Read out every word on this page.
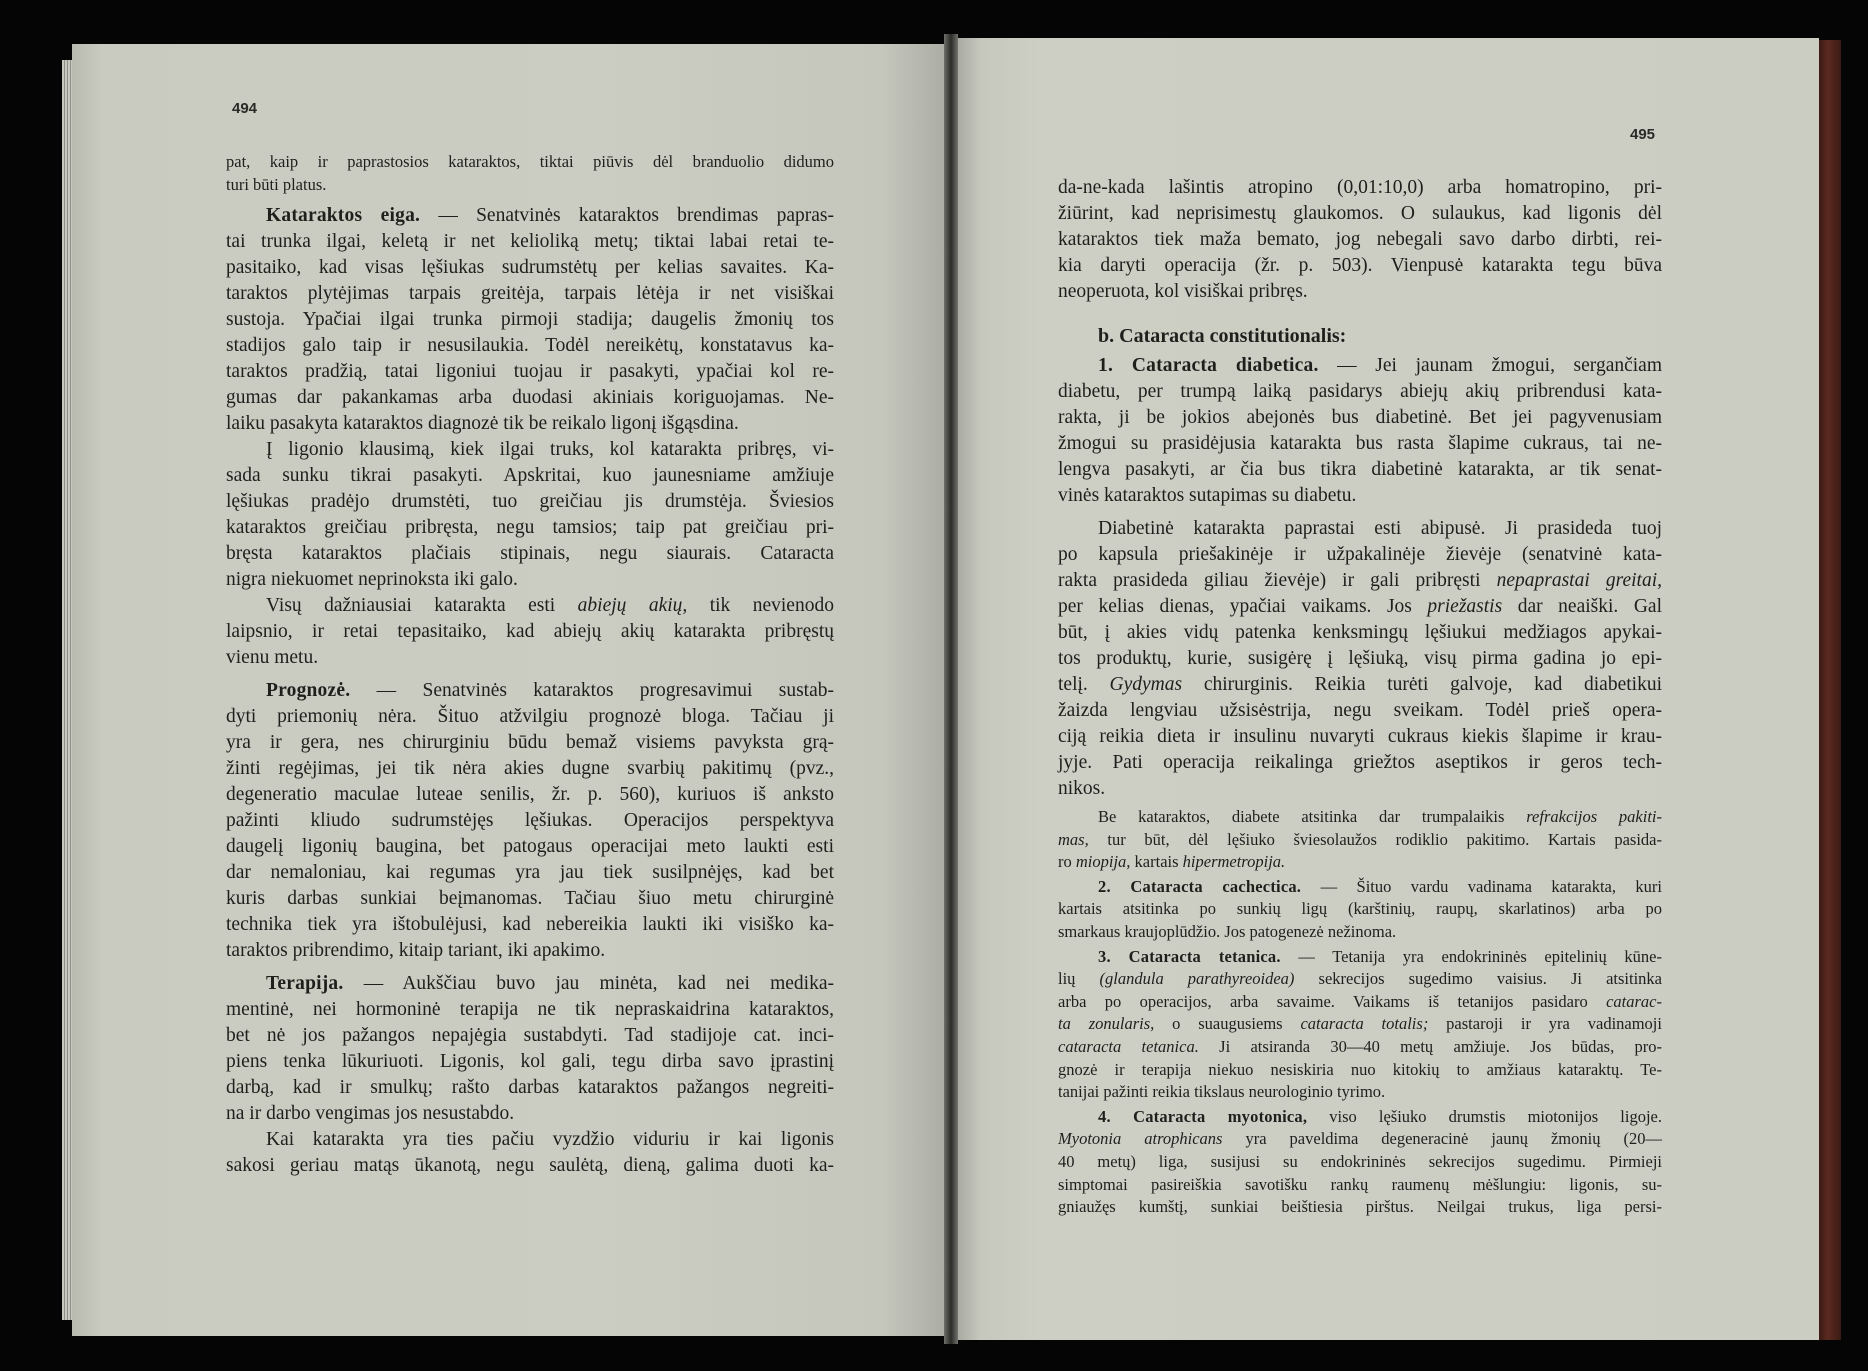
494
495
pat, kaip ir paprastosios kataraktos, tiktai piūvis dėl branduolio didumo
turi būti platus.
Kataraktos eiga. — Senatvinės kataraktos brendimas papras-
tai trunka ilgai, keletą ir net kelioliką metų; tiktai labai retai te-
pasitaiko, kad visas lęšiukas sudrumstėtų per kelias savaites. Ka-
taraktos plytėjimas tarpais greitėja, tarpais lėtėja ir net visiškai
sustoja. Ypačiai ilgai trunka pirmoji stadija; daugelis žmonių tos
stadijos galo taip ir nesusilaukia. Todėl nereikėtų, konstatavus ka-
taraktos pradžią, tatai ligoniui tuojau ir pasakyti, ypačiai kol re-
gumas dar pakankamas arba duodasi akiniais koriguojamas. Ne-
laiku pasakyta kataraktos diagnozė tik be reikalo ligonį išgąsdina.
Į ligonio klausimą, kiek ilgai truks, kol katarakta pribręs, vi-
sada sunku tikrai pasakyti. Apskritai, kuo jaunesniame amžiuje
lęšiukas pradėjo drumstėti, tuo greičiau jis drumstėja. Šviesios
kataraktos greičiau pribręsta, negu tamsios; taip pat greičiau pri-
bręsta kataraktos plačiais stipinais, negu siaurais. Cataracta
nigra niekuomet neprinoksta iki galo.
Visų dažniausiai katarakta esti abiejų akių, tik nevienodo
laipsnio, ir retai tepasitaiko, kad abiejų akių katarakta pribręstų
vienu metu.
Prognozė. — Senatvinės kataraktos progresavimui sustab-
dyti priemonių nėra. Šituo atžvilgiu prognozė bloga. Tačiau ji
yra ir gera, nes chirurginiu būdu bemaž visiems pavyksta grą-
žinti regėjimas, jei tik nėra akies dugne svarbių pakitimų (pvz.,
degeneratio maculae luteae senilis, žr. p. 560), kuriuos iš anksto
pažinti kliudo sudrumstėjęs lęšiukas. Operacijos perspektyva
daugelį ligonių baugina, bet patogaus operacijai meto laukti esti
dar nemaloniau, kai regumas yra jau tiek susilpnėjęs, kad bet
kuris darbas sunkiai beįmanomas. Tačiau šiuo metu chirurginė
technika tiek yra ištobulėjusi, kad nebereikia laukti iki visiško ka-
taraktos pribrendimo, kitaip tariant, iki apakimo.
Terapija. — Aukščiau buvo jau minėta, kad nei medika-
mentinė, nei hormoninė terapija ne tik nepraskaidrina kataraktos,
bet nė jos pažangos nepajėgia sustabdyti. Tad stadijoje cat. inci-
piens tenka lūkuriuoti. Ligonis, kol gali, tegu dirba savo įprastinį
darbą, kad ir smulkų; rašto darbas kataraktos pažangos negreiti-
na ir darbo vengimas jos nesustabdo.
Kai katarakta yra ties pačiu vyzdžio viduriu ir kai ligonis
sakosi geriau matąs ūkanotą, negu saulėtą, dieną, galima duoti ka-
da-ne-kada lašintis atropino (0,01:10,0) arba homatropino, pri-
žiūrint, kad neprisimestų glaukomos. O sulaukus, kad ligonis dėl
kataraktos tiek maža bemato, jog nebegali savo darbo dirbti, rei-
kia daryti operacija (žr. p. 503). Vienpusė katarakta tegu būva
neoperuota, kol visiškai pribręs.
b. Cataracta constitutionalis:
1. Cataracta diabetica. — Jei jaunam žmogui, sergančiam
diabetu, per trumpą laiką pasidarys abiejų akių pribrendusi kata-
rakta, ji be jokios abejonės bus diabetinė. Bet jei pagyvenusiam
žmogui su prasidėjusia katarakta bus rasta šlapime cukraus, tai ne-
lengva pasakyti, ar čia bus tikra diabetinė katarakta, ar tik senat-
vinės kataraktos sutapimas su diabetu.
Diabetinė katarakta paprastai esti abipusė. Ji prasideda tuoj
po kapsula priešakinėje ir užpakalinėje žievėje (senatvinė kata-
rakta prasideda giliau žievėje) ir gali pribręsti nepaprastai greitai,
per kelias dienas, ypačiai vaikams. Jos priežastis dar neaiški. Gal
būt, į akies vidų patenka kenksmingų lęšiukui medžiagos apykai-
tos produktų, kurie, susigėrę į lęšiuką, visų pirma gadina jo epi-
telį. Gydymas chirurginis. Reikia turėti galvoje, kad diabetikui
žaizda lengviau užsisėstrija, negu sveikam. Todėl prieš opera-
ciją reikia dieta ir insulinu nuvaryti cukraus kiekis šlapime ir krau-
jyje. Pati operacija reikalinga griežtos aseptikos ir geros tech-
nikos.
Be kataraktos, diabete atsitinka dar trumpalaikis refrakcijos pakiti-
mas, tur būt, dėl lęšiuko šviesolaužos rodiklio pakitimo. Kartais pasida-
ro miopija, kartais hipermetropija.
2. Cataracta cachectica. — Šituo vardu vadinama katarakta, kuri
kartais atsitinka po sunkių ligų (karštinių, raupų, skarlatinos) arba po
smarkaus kraujoplūdžio. Jos patogenezė nežinoma.
3. Cataracta tetanica. — Tetanija yra endokrininės epitelinių kūne-
lių (glandula parathyreoidea) sekrecijos sugedimo vaisius. Ji atsitinka
arba po operacijos, arba savaime. Vaikams iš tetanijos pasidaro catarac-
ta zonularis, o suaugusiems cataracta totalis; pastaroji ir yra vadinamoji
cataracta tetanica. Ji atsiranda 30—40 metų amžiuje. Jos būdas, pro-
gnozė ir terapija niekuo nesiskiria nuo kitokių to amžiaus kataraktų. Te-
tanijai pažinti reikia tikslaus neurologinio tyrimo.
4. Cataracta myotonica, viso lęšiuko drumstis miotonijos ligoje.
Myotonia atrophicans yra paveldima degeneracinė jaunų žmonių (20—
40 metų) liga, susijusi su endokrininės sekrecijos sugedimu. Pirmieji
simptomai pasireiškia savotišku rankų raumenų mėšlungiu: ligonis, su-
gniaužęs kumštį, sunkiai beištiesia pirštus. Neilgai trukus, liga persi-
